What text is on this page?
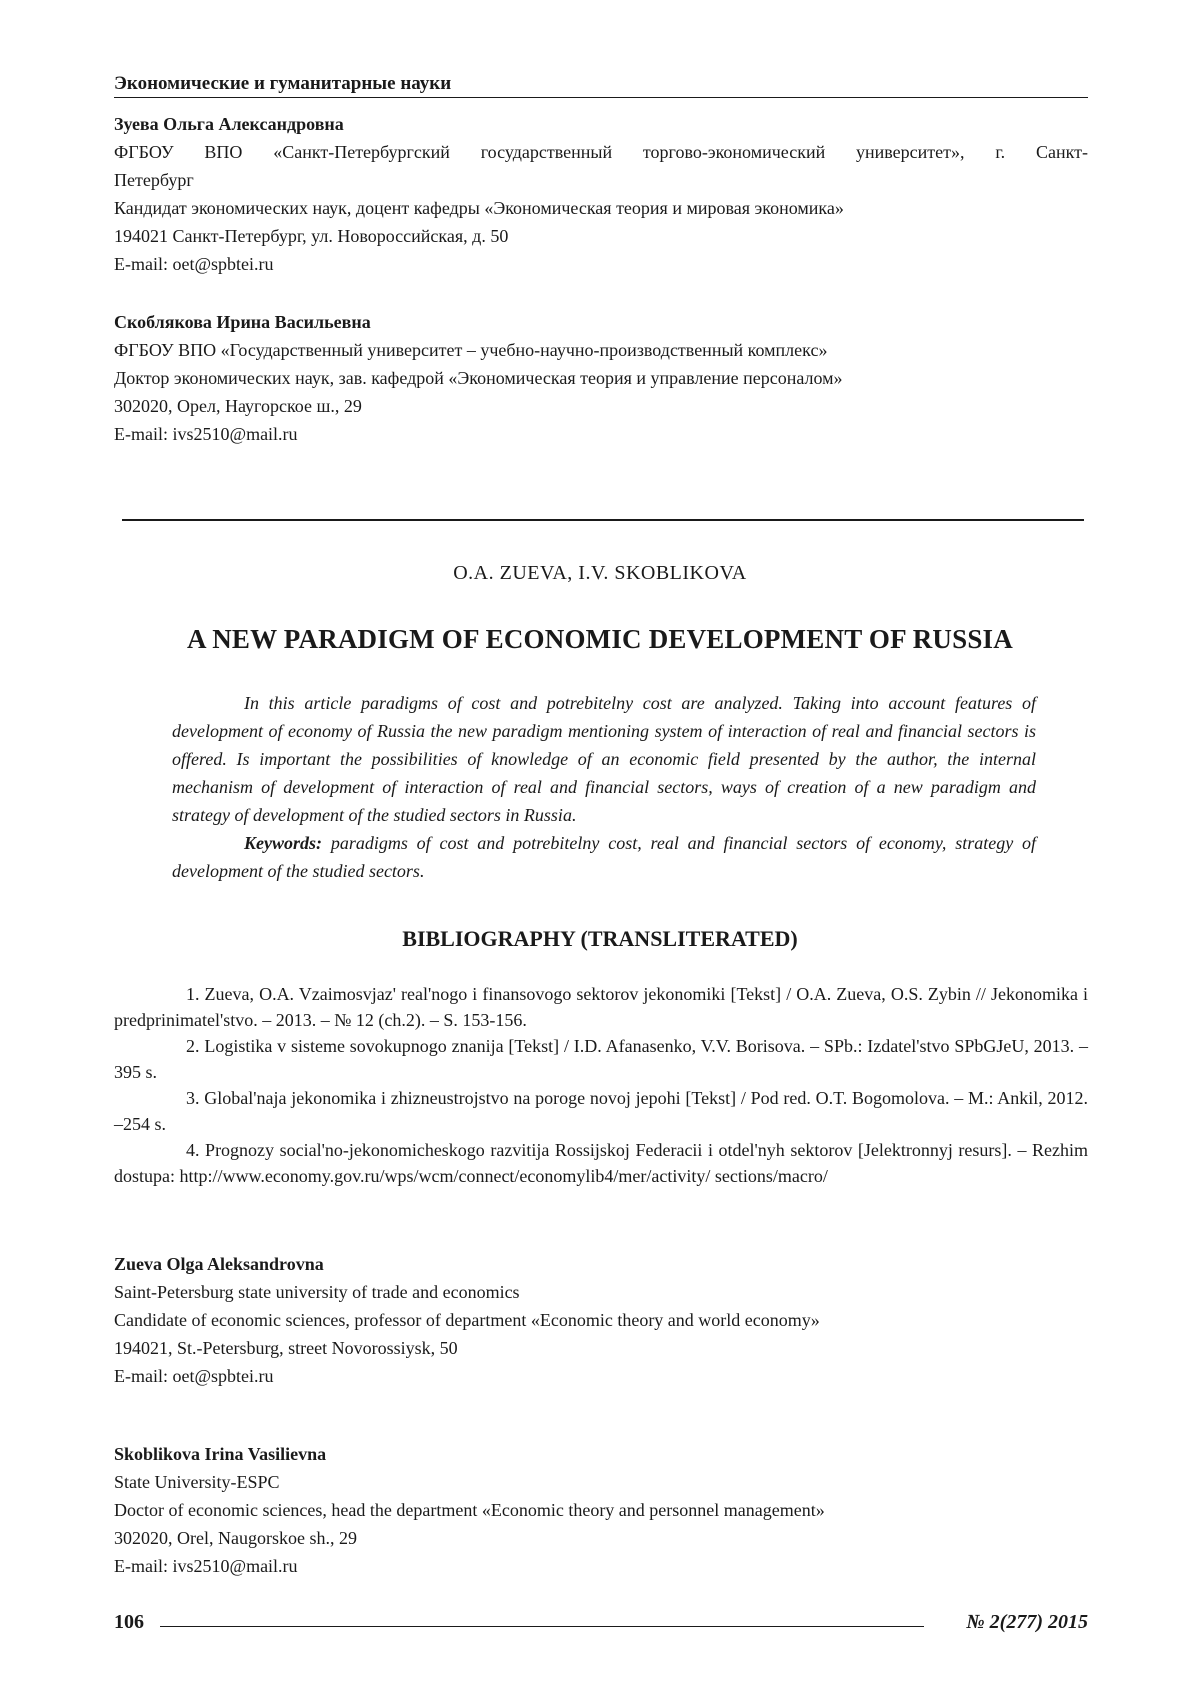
Экономические и гуманитарные науки
Зуева Ольга Александровна
ФГБОУ ВПО «Санкт-Петербургский государственный торгово-экономический университет», г. Санкт-
Петербург
Кандидат экономических наук, доцент кафедры «Экономическая теория и мировая экономика»
194021 Санкт-Петербург, ул. Новороссийская, д. 50
E-mail: oet@spbtei.ru
Скоблякова Ирина Васильевна
ФГБОУ ВПО «Государственный университет – учебно-научно-производственный комплекс»
Доктор экономических наук, зав. кафедрой «Экономическая теория и управление персоналом»
302020, Орел, Наугорское ш., 29
E-mail: ivs2510@mail.ru
O.A. ZUEVA, I.V. SKOBLIKOVA
A NEW PARADIGM OF ECONOMIC DEVELOPMENT OF RUSSIA

In this article paradigms of cost and potrebitelny cost are analyzed. Taking into account features of development of economy of Russia the new paradigm mentioning system of interaction of real and financial sectors is offered. Is important the possibilities of knowledge of an economic field presented by the author, the internal mechanism of development of interaction of real and financial sectors, ways of creation of a new paradigm and strategy of development of the studied sectors in Russia.

Keywords: paradigms of cost and potrebitelny cost, real and financial sectors of economy, strategy of development of the studied sectors.

BIBLIOGRAPHY (TRANSLITERATED)

1. Zueva, O.A. Vzaimosvjaz' real'nogo i finansovogo sektorov jekonomiki [Tekst] / O.A. Zueva, O.S. Zybin // Jekonomika i predprinimatel'stvo. – 2013. – № 12 (ch.2). – S. 153-156.

2. Logistika v sisteme sovokupnogo znanija [Tekst] / I.D. Afanasenko, V.V. Borisova. – SPb.: Izdatel'stvo SPbGJeU, 2013. – 395 s.

3. Global'naja jekonomika i zhizneustrojstvo na poroge novoj jepohi [Tekst] / Pod red. O.T. Bogomolova. – M.: Ankil, 2012. –254 s.

4. Prognozy social'no-jekonomicheskogo razvitija Rossijskoj Federacii i otdel'nyh sektorov [Jelektronnyj resurs]. – Rezhim dostupa: http://www.economy.gov.ru/wps/wcm/connect/economylib4/mer/activity/ sections/macro/

Zueva Olga Aleksandrovna
Saint-Petersburg state university of trade and economics
Candidate of economic sciences, professor of department «Economic theory and world economy»
194021, St.-Petersburg, street Novorossiysk, 50
E-mail: oet@spbtei.ru
Skoblikova Irina Vasilievna
State University-ESPC
Doctor of economic sciences, head the department «Economic theory and personnel management»
302020, Orel, Naugorskoe sh., 29
E-mail: ivs2510@mail.ru
106	№ 2(277) 2015
